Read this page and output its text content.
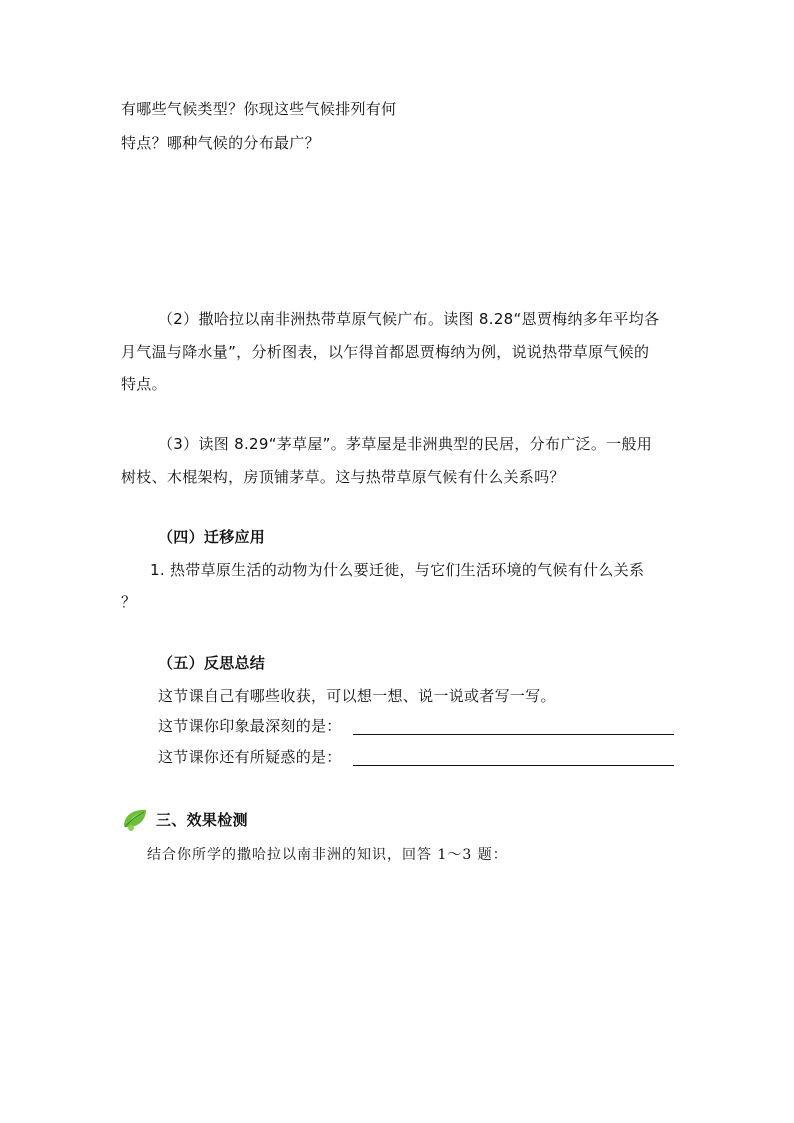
有哪些气候类型？你现这些气候排列有何
特点？哪种气候的分布最广？
（2）撒哈拉以南非洲热带草原气候广布。读图 8.28“恩贾梅纳多年平均各
月气温与降水量”，分析图表，以乍得首都恩贾梅纳为例，说说热带草原气候的
特点。
（3）读图 8.29“茅草屋”。茅草屋是非洲典型的民居，分布广泛。一般用
树枝、木棍架构，房顶铺茅草。这与热带草原气候有什么关系吗？
（四）迁移应用
1. 热带草原生活的动物为什么要迁徙，与它们生活环境的气候有什么关系
？
（五）反思总结
这节课自己有哪些收获，可以想一想、说一说或者写一写。
这节课你印象最深刻的是：
这节课你还有所疑惑的是：
三、效果检测
结合你所学的撒哈拉以南非洲的知识，回答 1～3 题：
